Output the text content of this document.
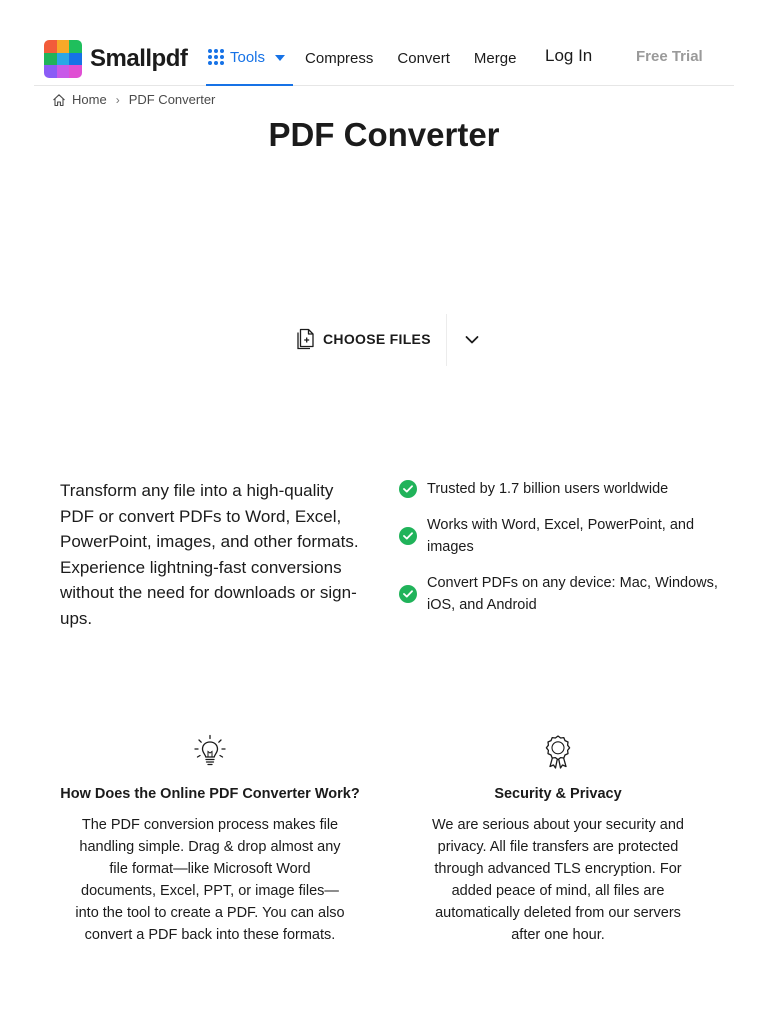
Smallpdf	Tools	Compress	Convert	Merge	Log In	Free Trial
Home › PDF Converter
PDF Converter
CHOOSE FILES

Transform any file into a high-quality PDF or convert PDFs to Word, Excel, PowerPoint, images, and other formats. Experience lightning-fast conversions without the need for downloads or sign-ups.

Trusted by 1.7 billion users worldwide
Works with Word, Excel, PowerPoint, and images
Convert PDFs on any device: Mac, Windows, iOS, and Android
How Does the Online PDF Converter Work?

The PDF conversion process makes file handling simple. Drag & drop almost any file format—like Microsoft Word documents, Excel, PPT, or image files—into the tool to create a PDF. You can also convert a PDF back into these formats.

Security & Privacy

We are serious about your security and privacy. All file transfers are protected through advanced TLS encryption. For added peace of mind, all files are automatically deleted from our servers after one hour.
